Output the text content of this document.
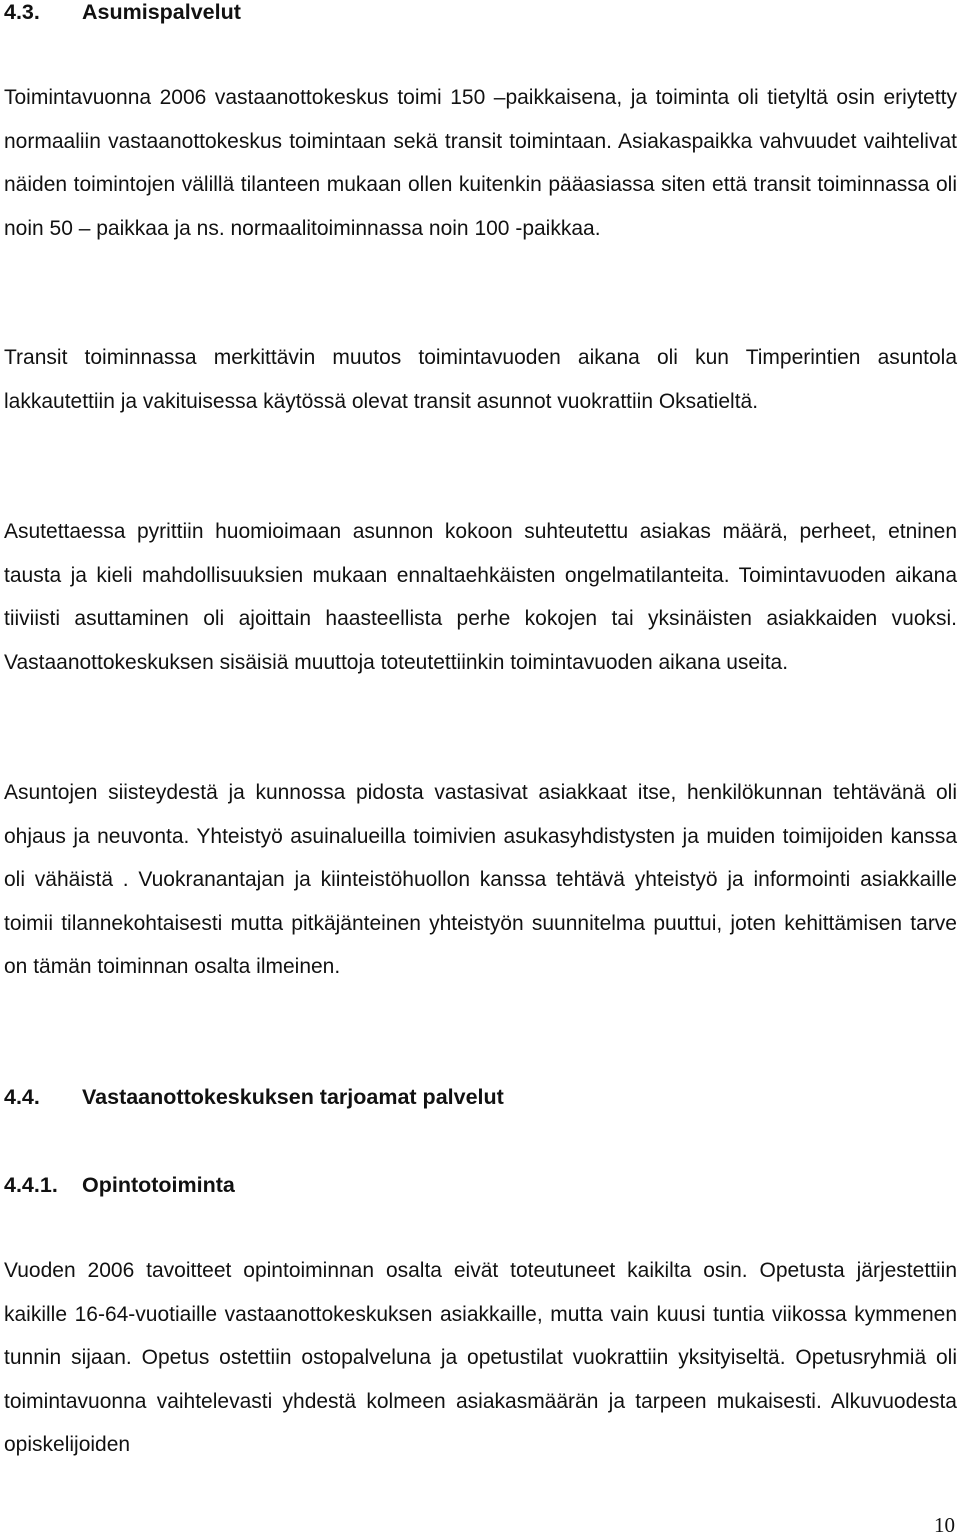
4.3. Asumispalvelut

Toimintavuonna 2006 vastaanottokeskus toimi 150 –paikkaisena, ja toiminta oli tietyltä osin eriytetty normaaliin vastaanottokeskus toimintaan sekä transit toimintaan. Asiakaspaikka vahvuudet vaihtelivat näiden toimintojen välillä tilanteen mukaan ollen kuitenkin pääasiassa siten että transit toiminnassa oli noin 50 – paikkaa ja ns. normaalitoiminnassa noin 100 -paikkaa.

Transit toiminnassa merkittävin muutos toimintavuoden aikana oli kun Timperintien asuntola lakkautettiin ja vakituisessa käytössä olevat transit asunnot vuokrattiin Oksatieltä.

Asutettaessa pyrittiin huomioimaan asunnon kokoon suhteutettu asiakas määrä, perheet, etninen tausta ja kieli mahdollisuuksien mukaan ennaltaehkäisten ongelmatilanteita. Toimintavuoden aikana tiiviisti asuttaminen oli ajoittain haasteellista perhe kokojen tai yksinäisten asiakkaiden vuoksi. Vastaanottokeskuksen sisäisiä muuttoja toteutettiinkin toimintavuoden aikana useita.

Asuntojen siisteydestä ja kunnossa pidosta vastasivat asiakkaat itse, henkilökunnan tehtävänä oli ohjaus ja neuvonta. Yhteistyö asuinalueilla toimivien asukasyhdistysten ja muiden toimijoiden kanssa oli vähäistä . Vuokranantajan ja kiinteistöhuollon kanssa tehtävä yhteistyö ja informointi asiakkaille toimii tilannekohtaisesti mutta pitkäjänteinen yhteistyön suunnitelma puuttui, joten kehittämisen tarve on tämän toiminnan osalta ilmeinen.

4.4. Vastaanottokeskuksen tarjoamat palvelut
4.4.1. Opintotoiminta

Vuoden 2006 tavoitteet opintoiminnan osalta eivät toteutuneet kaikilta osin. Opetusta järjestettiin kaikille 16-64-vuotiaille vastaanottokeskuksen asiakkaille, mutta vain kuusi tuntia viikossa kymmenen tunnin sijaan. Opetus ostettiin ostopalveluna ja opetustilat vuokrattiin yksityiseltä. Opetusryhmiä oli toimintavuonna vaihtelevasti yhdestä kolmeen asiakasmäärän ja tarpeen mukaisesti. Alkuvuodesta opiskelijoiden

10
